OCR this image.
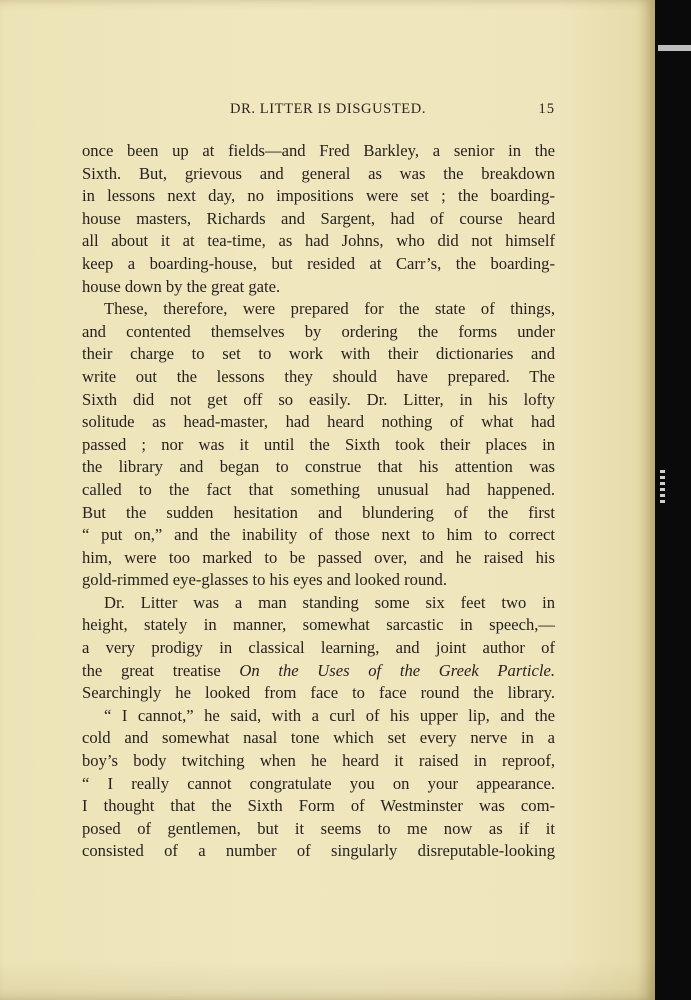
DR. LITTER IS DISGUSTED.	15
once been up at fields—and Fred Barkley, a senior in the
Sixth. But, grievous and general as was the breakdown
in lessons next day, no impositions were set ; the boarding-
house masters, Richards and Sargent, had of course heard
all about it at tea-time, as had Johns, who did not himself
keep a boarding-house, but resided at Carr’s, the boarding-
house down by the great gate.
These, therefore, were prepared for the state of things,
and contented themselves by ordering the forms under
their charge to set to work with their dictionaries and
write out the lessons they should have prepared. The
Sixth did not get off so easily. Dr. Litter, in his lofty
solitude as head-master, had heard nothing of what had
passed ; nor was it until the Sixth took their places in
the library and began to construe that his attention was
called to the fact that something unusual had happened.
But the sudden hesitation and blundering of the first
“ put on,” and the inability of those next to him to correct
him, were too marked to be passed over, and he raised his
gold-rimmed eye-glasses to his eyes and looked round.
Dr. Litter was a man standing some six feet two in
height, stately in manner, somewhat sarcastic in speech,—
a very prodigy in classical learning, and joint author of
the great treatise On the Uses of the Greek Particle.
Searchingly he looked from face to face round the library.
“ I cannot,” he said, with a curl of his upper lip, and the
cold and somewhat nasal tone which set every nerve in a
boy’s body twitching when he heard it raised in reproof,
“ I really cannot congratulate you on your appearance.
I thought that the Sixth Form of Westminster was com-
posed of gentlemen, but it seems to me now as if it
consisted of a number of singularly disreputable-looking
